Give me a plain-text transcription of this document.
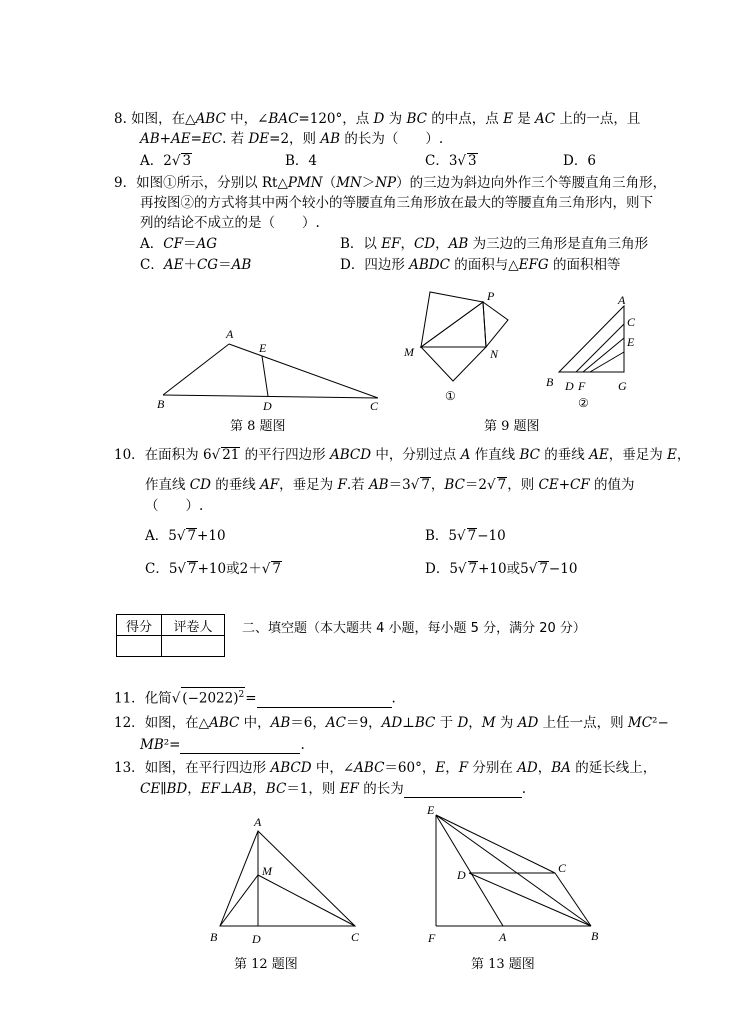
8. 如图，在△ABC 中，∠BAC=120°，点 D 为 BC 的中点，点 E 是 AC 上的一点，且
AB+AE=EC. 若 DE=2，则 AB 的长为（　　）.
A．2√ 3	B．4	C．3√ 3	D．6
9．如图①所示，分别以 Rt△PMN（MN＞NP）的三边为斜边向外作三个等腰直角三角形，
再按图②的方式将其中两个较小的等腰直角三角形放在最大的等腰直角三角形内，则下
列的结论不成立的是（　　）.
A．CF＝AG	B．以 EF，CD，AB 为三边的三角形是直角三角形
C．AE＋CG＝AB	D．四边形 ABDC 的面积与△EFG 的面积相等
A
E
B	D	C
P
M	N
①
A
C
E
B D F	G
②
第 8 题图	第 9 题图
10．在面积为 6√ 21 的平行四边形 ABCD 中，分别过点 A 作直线 BC 的垂线 AE，垂足为 E，
作直线 CD 的垂线 AF，垂足为 F.若 AB＝3√ 7，BC＝2√ 7，则 CE+CF 的值为
（　　）.
A．5√ 7+10	B．5√ 7−10
C．5√ 7+10或2＋√ 7	D．5√ 7+10或5√ 7−10
得分	评卷人
	二、填空题（本大题共 4 小题，每小题 5 分，满分 20 分）
11．化简√ $(-2022)^2=$	.
12．如图，在△ABC 中，AB＝6，AC＝9，AD⊥BC 于 D，M 为 AD 上任一点，则 MC²−
MB²=	.
13．如图，在平行四边形 ABCD 中，∠ABC＝60°，E，F 分别在 AD，BA 的延长线上，
CE∥BD，EF⊥AB，BC＝1，则 EF 的长为	.
A
M
B	D	C
E
C
D
F	A	B
第 12 题图	第 13 题图
